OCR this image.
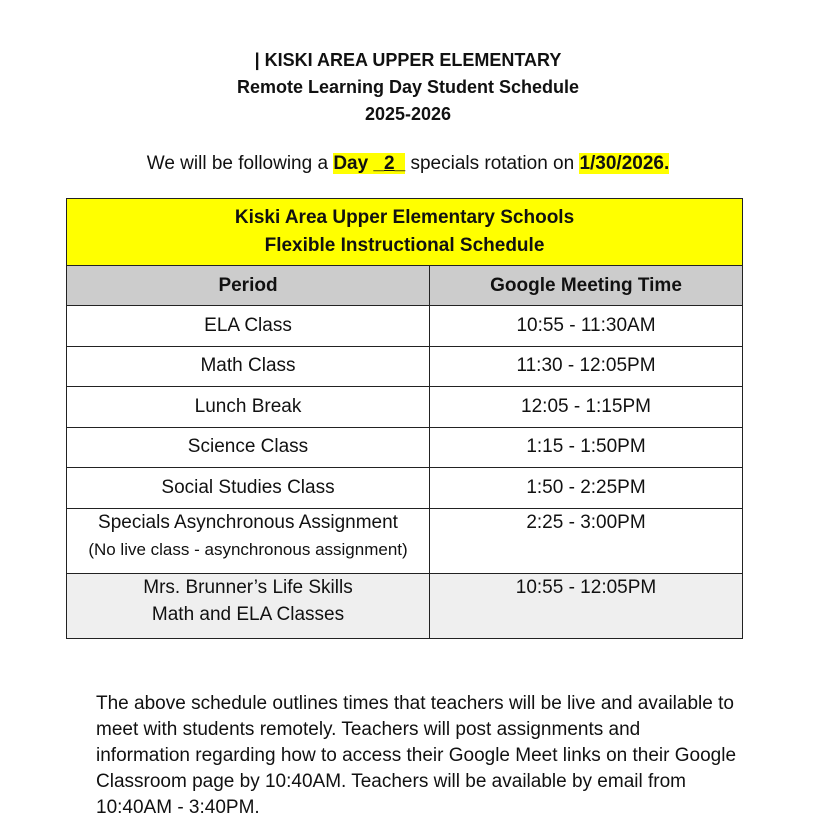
| KISKI AREA UPPER ELEMENTARY
Remote Learning Day Student Schedule
2025-2026
We will be following a Day _2_ specials rotation on 1/30/2026.
Kiski Area Upper Elementary Schools
Flexible Instructional Schedule	

Period	Google Meeting Time
ELA Class	10:55 - 11:30AM
Math Class	11:30 - 12:05PM
Lunch Break	12:05 - 1:15PM
Science Class	1:15 - 1:50PM
Social Studies Class	1:50 - 2:25PM

Specials Asynchronous Assignment
(No live class - asynchronous assignment)	2:25 - 3:00PM

Mrs. Brunner’s Life Skills
Math and ELA Classes	10:55 - 12:05PM
The above schedule outlines times that teachers will be live and available to meet with students remotely. Teachers will post assignments and information regarding how to access their Google Meet links on their Google Classroom page by 10:40AM. Teachers will be available by email from 10:40AM - 3:40PM.
